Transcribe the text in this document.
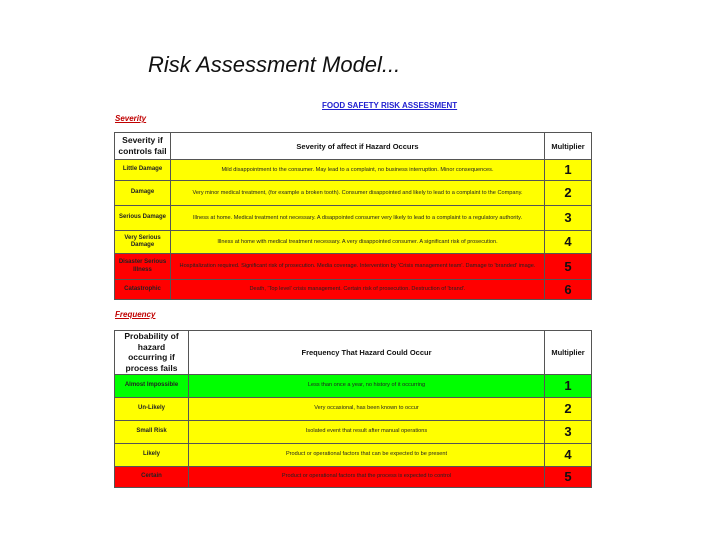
Risk Assessment Model...
FOOD SAFETY RISK ASSESSMENT
Severity
Severity if controls fail	Severity of affect if Hazard Occurs	Multiplier
Little Damage	Mild disappointment to the consumer. May lead to a complaint, no business interruption. Minor consequences.	1
Damage	Very minor medical treatment, (for example a broken tooth). Consumer disappointed and likely to lead to a complaint to the Company.	2
Serious Damage	Illness at home. Medical treatment not necessary. A disappointed consumer very likely to lead to a complaint to a regulatory authority.	3
Very Serious Damage	Illness at home with medical treatment necessary. A very disappointed consumer. A significant risk of prosecution.	4
Disaster Serious Illness	Hospitalization required. Significant risk of prosecution. Media coverage. Intervention by 'Crisis management team'. Damage to 'branded' image.	5
Catastrophic	Death, 'Top level' crisis management. Certain risk of prosecution. Destruction of 'brand'.	6
Frequency
Probability of hazard occurring if process fails	Frequency That Hazard Could Occur	Multiplier
Almost Impossible	Less than once a year, no history of it occurring	1
Un-Likely	Very occasional, has been known to occur	2
Small Risk	Isolated event that result after manual operations	3
Likely	Product or operational factors that can be expected to be present	4
Certain	Product or operational factors that the process is expected to control	5
